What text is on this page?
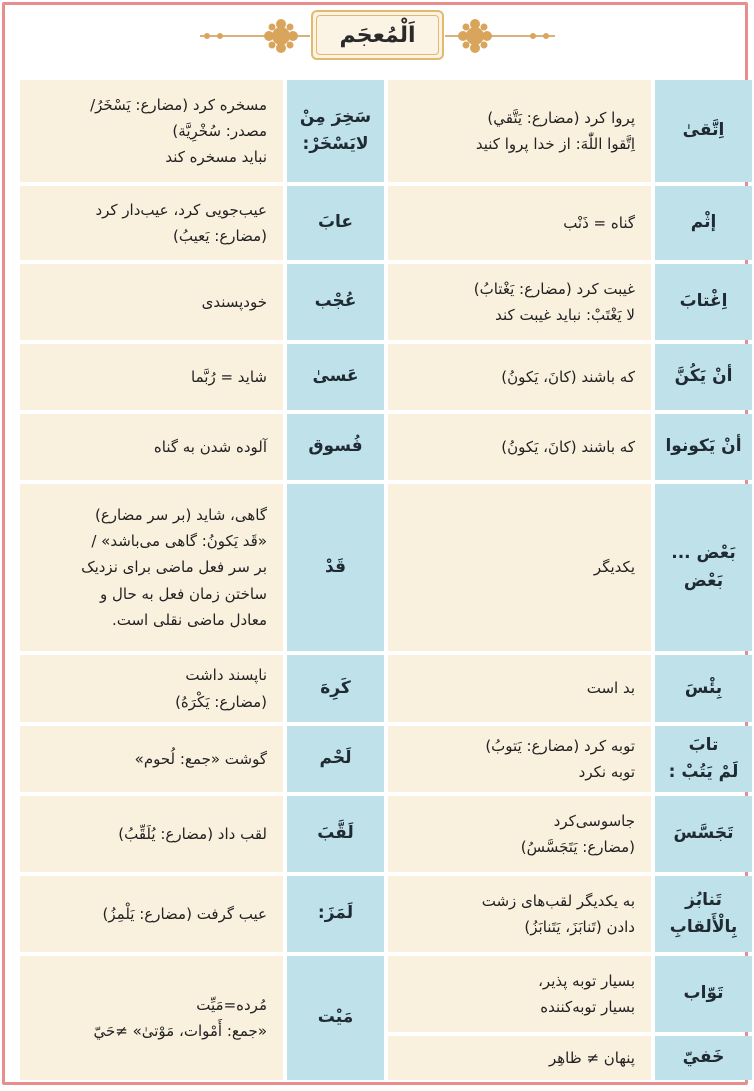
اَلْمُعجَم
اِتَّقیٰ
پروا کرد (مضارع: یَتَّقي)
اِتَّقوا اللّٰهَ: از خدا پروا کنید
إثْم
گناه = ذَنْب
اِغْتابَ
غیبت کرد (مضارع: یَغْتابُ)
لا یَغْتَبْ: نباید غیبت کند
أنْ یَكُنَّ
که باشند (کانَ، یَكونُ)
أنْ یَكونوا
که باشند (کانَ، یَكونُ)
بَعْض ... بَعْض
یکدیگر
بِئْسَ
بد است
تابَ
لَمْ یَتُبْ :
توبه کرد (مضارع: یَتوبُ)
توبه نکرد
تَجَسَّسَ
جاسوسی‌کرد
(مضارع: یَتَجَسَّسُ)
تَنابُز بِالْأَلقابِ
به یکدیگر لقب‌های زشت
دادن (تَنابَزَ، یَتَنابَزُ)
تَوّاب
بسیار توبه پذیر،
بسیار توبه‌کننده
خَفيّ
پنهان ≠ ظاهِر
سَخِرَ مِنْ
لایَسْخَرْ:
مسخره کرد (مضارع: یَسْخَرُ/
مصدر: سُخْرِیَّة)
نباید مسخره کند
عابَ
عیب‌جویی کرد، عیب‌دار کرد
(مضارع: یَعیبُ)
عُجْب
خودپسندی
عَسیٰ
شاید = رُبَّما
فُسوق
آلوده شدن به گناه
قَدْ
گاهی، شاید (بر سر مضارع)
«قَد یَكونُ: گاهی می‌باشد» /
بر سر فعل ماضی برای نزدیک
ساختن زمان فعل به حال و
معادل ماضی نقلی است.
كَرِهَ
ناپسند داشت
(مضارع: یَكْرَهُ)
لَحْم
گوشت «جمع: لُحوم»
لَقَّبَ
لقب داد (مضارع: یُلَقِّبُ)
لَمَزَ:
عیب گرفت (مضارع: یَلْمِزُ)
مَیْت
مُرده=مَیِّت
«جمع: أَمْوات، مَوْتیٰ» ≠حَيّ
